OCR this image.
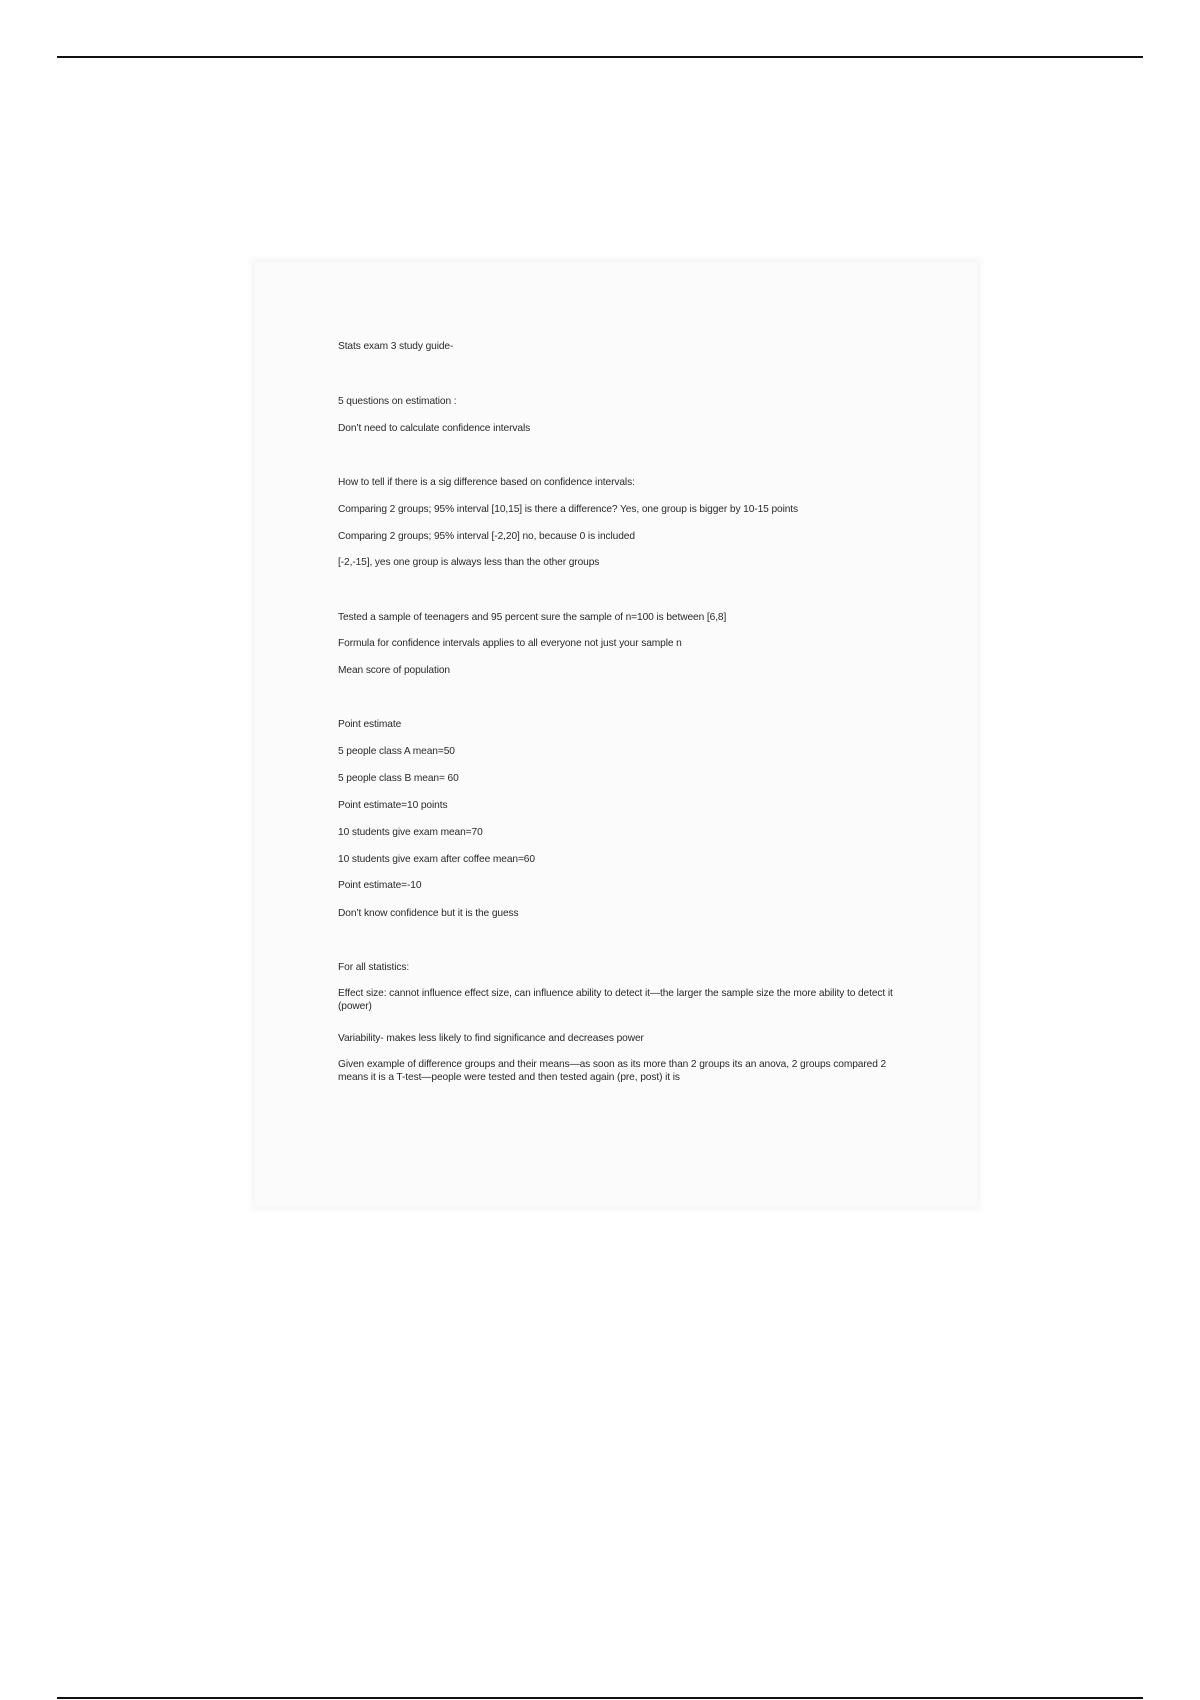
Stats exam 3 study guide-
5 questions on estimation :
Don’t need to calculate confidence intervals
How to tell if there is a sig difference based on confidence intervals:
Comparing 2 groups; 95% interval [10,15] is there a difference? Yes, one group is bigger by 10-15 points
Comparing 2 groups; 95% interval [-2,20] no, because 0 is included
[-2,-15], yes one group is always less than the other groups
Tested a sample of teenagers and 95 percent sure the sample of n=100 is between [6,8]
Formula for confidence intervals applies to all everyone not just your sample n
Mean score of population
Point estimate
5 people class A mean=50
5 people class B mean= 60
Point estimate=10 points
10 students give exam mean=70
10 students give exam after coffee mean=60
Point estimate=-10
Don’t know confidence but it is the guess
For all statistics:
Effect size: cannot influence effect size, can influence ability to detect it—the larger the sample size the more ability to detect it (power)
Variability- makes less likely to find significance and decreases power
Given example of difference groups and their means—as soon as its more than 2 groups its an anova, 2 groups compared 2 means it is a T-test—people were tested and then tested again (pre, post) it is
